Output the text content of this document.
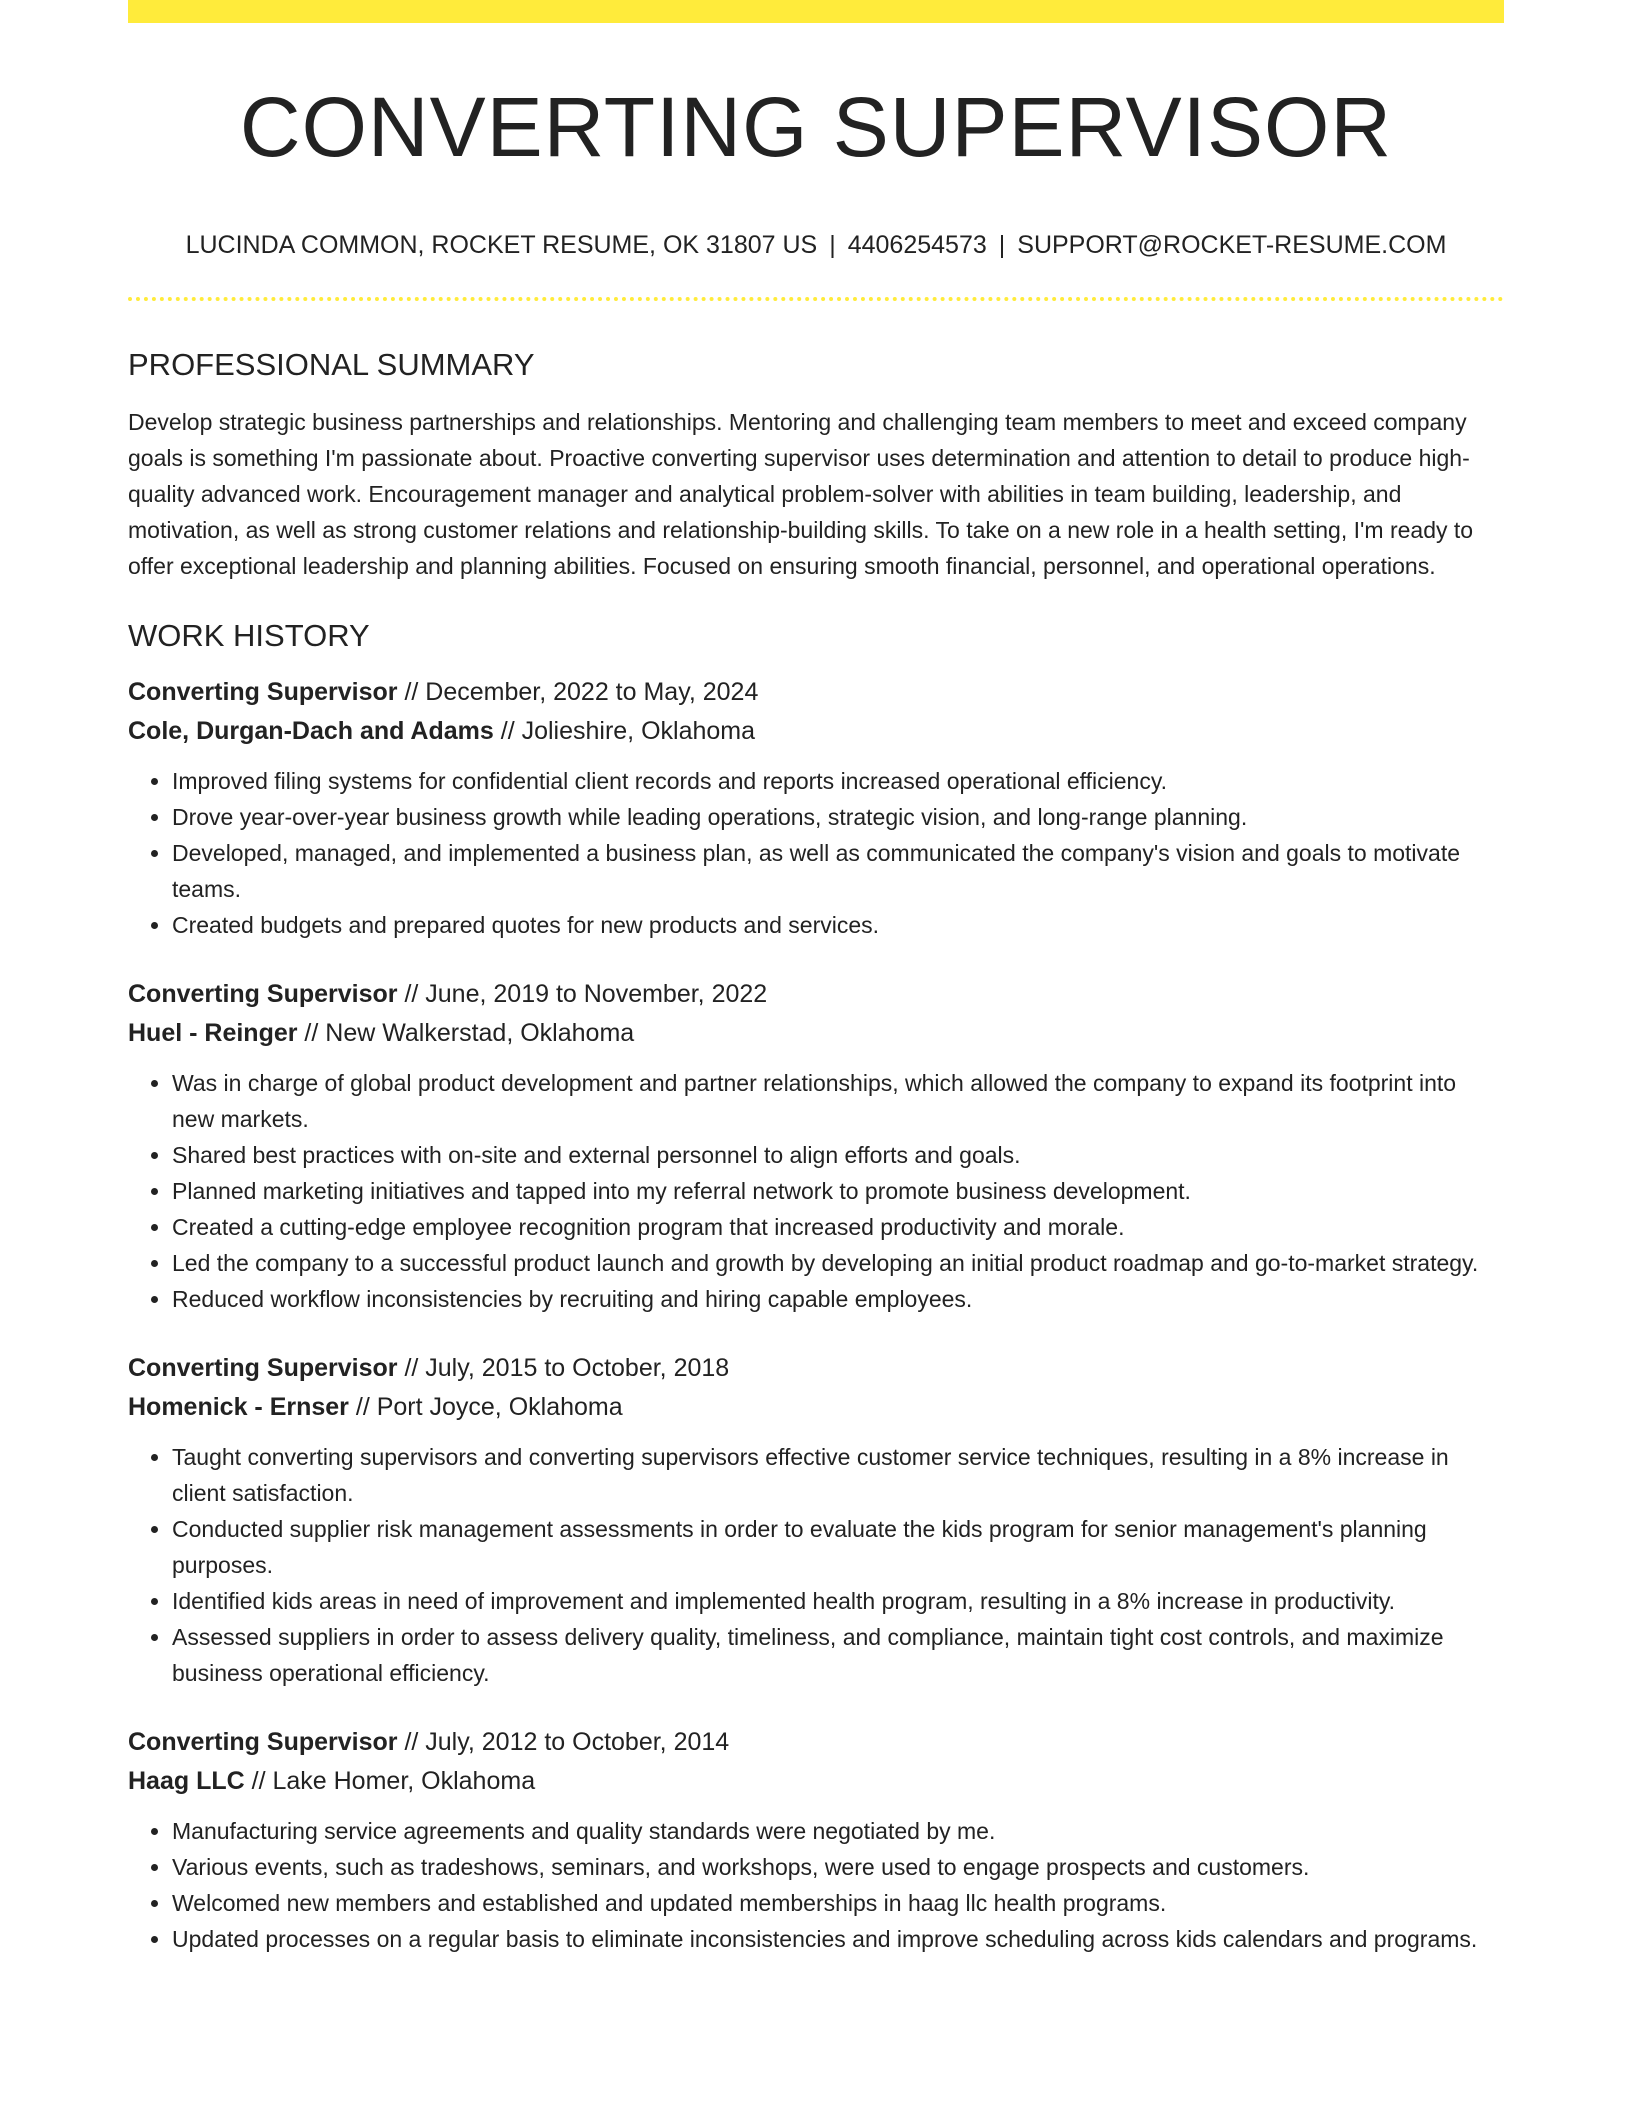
CONVERTING SUPERVISOR
LUCINDA COMMON, ROCKET RESUME, OK 31807 US | 4406254573 | SUPPORT@ROCKET-RESUME.COM
PROFESSIONAL SUMMARY

Develop strategic business partnerships and relationships. Mentoring and challenging team members to meet and exceed company goals is something I'm passionate about. Proactive converting supervisor uses determination and attention to detail to produce high-quality advanced work. Encouragement manager and analytical problem-solver with abilities in team building, leadership, and motivation, as well as strong customer relations and relationship-building skills. To take on a new role in a health setting, I'm ready to offer exceptional leadership and planning abilities. Focused on ensuring smooth financial, personnel, and operational operations.

WORK HISTORY
Converting Supervisor // December, 2022 to May, 2024
Cole, Durgan-Dach and Adams // Jolieshire, Oklahoma
• Improved filing systems for confidential client records and reports increased operational efficiency.
• Drove year-over-year business growth while leading operations, strategic vision, and long-range planning.
• Developed, managed, and implemented a business plan, as well as communicated the company's vision and goals to motivate teams.
• Created budgets and prepared quotes for new products and services.
Converting Supervisor // June, 2019 to November, 2022
Huel - Reinger // New Walkerstad, Oklahoma
• Was in charge of global product development and partner relationships, which allowed the company to expand its footprint into new markets.
• Shared best practices with on-site and external personnel to align efforts and goals.
• Planned marketing initiatives and tapped into my referral network to promote business development.
• Created a cutting-edge employee recognition program that increased productivity and morale.
• Led the company to a successful product launch and growth by developing an initial product roadmap and go-to-market strategy.
• Reduced workflow inconsistencies by recruiting and hiring capable employees.
Converting Supervisor // July, 2015 to October, 2018
Homenick - Ernser // Port Joyce, Oklahoma
• Taught converting supervisors and converting supervisors effective customer service techniques, resulting in a 8% increase in client satisfaction.
• Conducted supplier risk management assessments in order to evaluate the kids program for senior management's planning purposes.
• Identified kids areas in need of improvement and implemented health program, resulting in a 8% increase in productivity.
• Assessed suppliers in order to assess delivery quality, timeliness, and compliance, maintain tight cost controls, and maximize business operational efficiency.
Converting Supervisor // July, 2012 to October, 2014
Haag LLC // Lake Homer, Oklahoma
• Manufacturing service agreements and quality standards were negotiated by me.
• Various events, such as tradeshows, seminars, and workshops, were used to engage prospects and customers.
• Welcomed new members and established and updated memberships in haag llc health programs.
• Updated processes on a regular basis to eliminate inconsistencies and improve scheduling across kids calendars and programs.
